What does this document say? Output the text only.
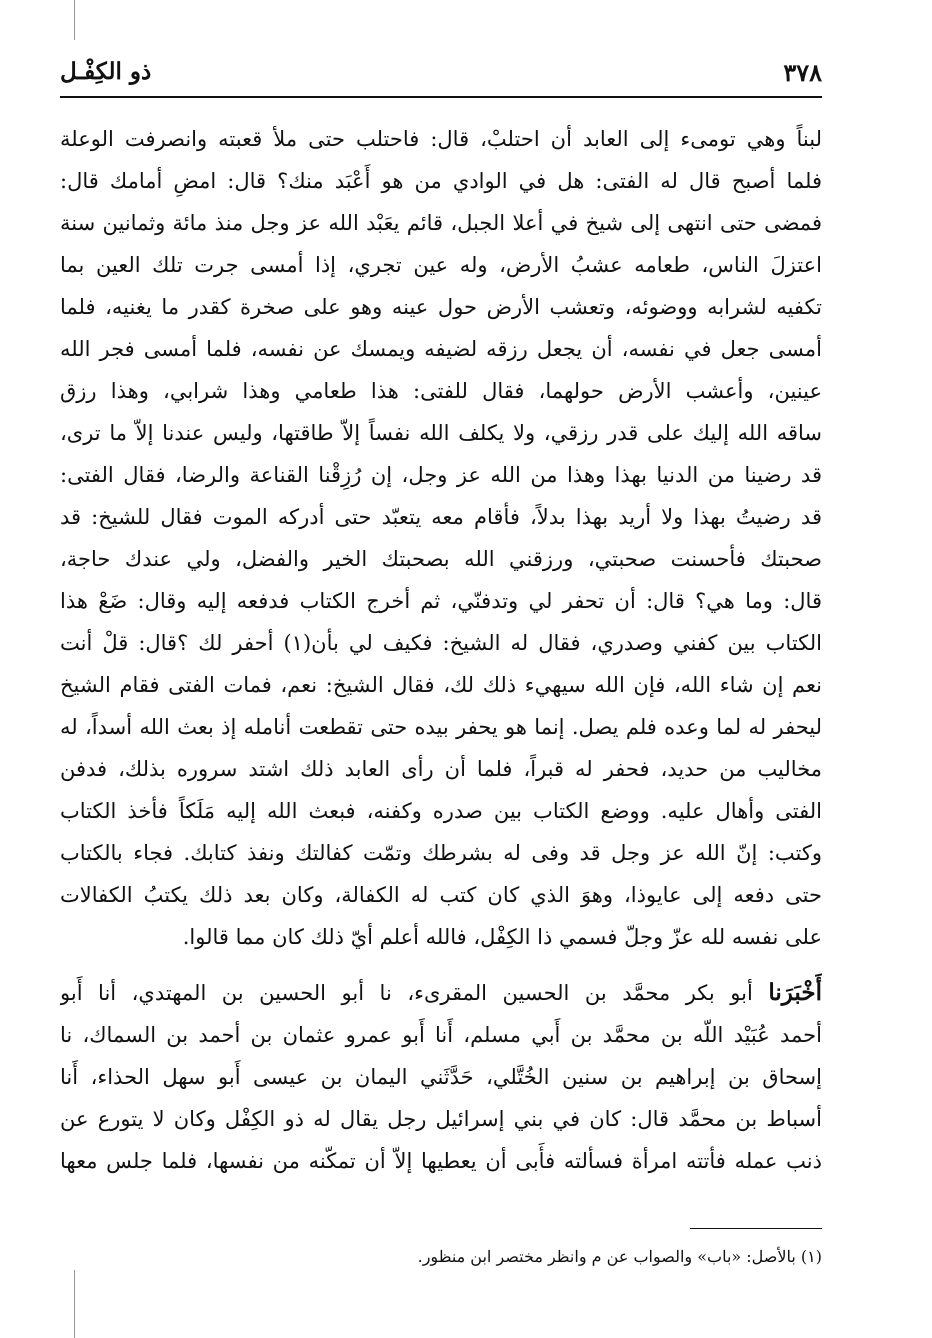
٣٧٨
ذو الكِفْـل
لبناً وهي تومىء إلى العابد أن احتلبْ، قال: فاحتلب حتى ملأ قعبته وانصرفت الوعلة
فلما أصبح قال له الفتى: هل في الوادي من هو أَعْبَد منك؟ قال: امضِ أمامك قال:
فمضى حتى انتهى إلى شيخ في أعلا الجبل، قائم يعَبْد الله عز وجل منذ مائة وثمانين سنة
اعتزلَ الناس، طعامه عشبُ الأرض، وله عين تجري، إذا أمسى جرت تلك العين بما
تكفيه لشرابه ووضوئه، وتعشب الأرض حول عينه وهو على صخرة كقدر ما يغنيه، فلما
أمسى جعل في نفسه، أن يجعل رزقه لضيفه ويمسك عن نفسه، فلما أمسى فجر الله
عينين، وأعشب الأرض حولهما، فقال للفتى: هذا طعامي وهذا شرابي، وهذا رزق
ساقه الله إليك على قدر رزقي، ولا يكلف الله نفساً إلاّ طاقتها، وليس عندنا إلاّ ما ترى،
قد رضينا من الدنيا بهذا وهذا من الله عز وجل، إن رُزِقْنا القناعة والرضا، فقال الفتى:
قد رضيتُ بهذا ولا أريد بهذا بدلاً، فأقام معه يتعبّد حتى أدركه الموت فقال للشيخ: قد
صحبتك فأحسنت صحبتي، ورزقني الله بصحبتك الخير والفضل، ولي عندك حاجة،
قال: وما هي؟ قال: أن تحفر لي وتدفنّي، ثم أخرج الكتاب فدفعه إليه وقال: ضَعْ هذا
الكتاب بين كفني وصدري، فقال له الشيخ: فكيف لي بأن(١) أحفر لك ؟قال: قلْ أنت
نعم إن شاء الله، فإن الله سيهيء ذلك لك، فقال الشيخ: نعم، فمات الفتى فقام الشيخ
ليحفر له لما وعده فلم يصل. إنما هو يحفر بيده حتى تقطعت أنامله إذ بعث الله أسداً، له
مخاليب من حديد، فحفر له قبراً، فلما أن رأى العابد ذلك اشتد سروره بذلك، فدفن
الفتى وأهال عليه. ووضع الكتاب بين صدره وكفنه، فبعث الله إليه مَلَكاً فأخذ الكتاب
وكتب: إنّ الله عز وجل قد وفى له بشرطك وتمّت كفالتك ونفذ كتابك. فجاء بالكتاب
حتى دفعه إلى عايوذا، وهوَ الذي كان كتب له الكفالة، وكان بعد ذلك يكتبُ الكفالات
على نفسه لله عزّ وجلّ فسمي ذا الكِفْل، فالله أعلم أيّ ذلك كان مما قالوا.
أَخْبَرَنا أبو بكر محمَّد بن الحسين المقرىء، نا أبو الحسين بن المهتدي، أنا أَبو
أحمد عُبَيْد اللّه بن محمَّد بن أَبي مسلم، أَنا أَبو عمرو عثمان بن أحمد بن السماك، نا
إسحاق بن إبراهيم بن سنين الخُتَّلي، حَدَّثَني اليمان بن عيسى أَبو سهل الحذاء، أَنا
أسباط بن محمَّد قال: كان في بني إسرائيل رجل يقال له ذو الكِفْل وكان لا يتورع عن
ذنب عمله فأتته امرأة فسألته فأَبى أن يعطيها إلاّ أن تمكّنه من نفسها، فلما جلس معها
(١) بالأصل: «باب» والصواب عن م وانظر مختصر ابن منظور.
